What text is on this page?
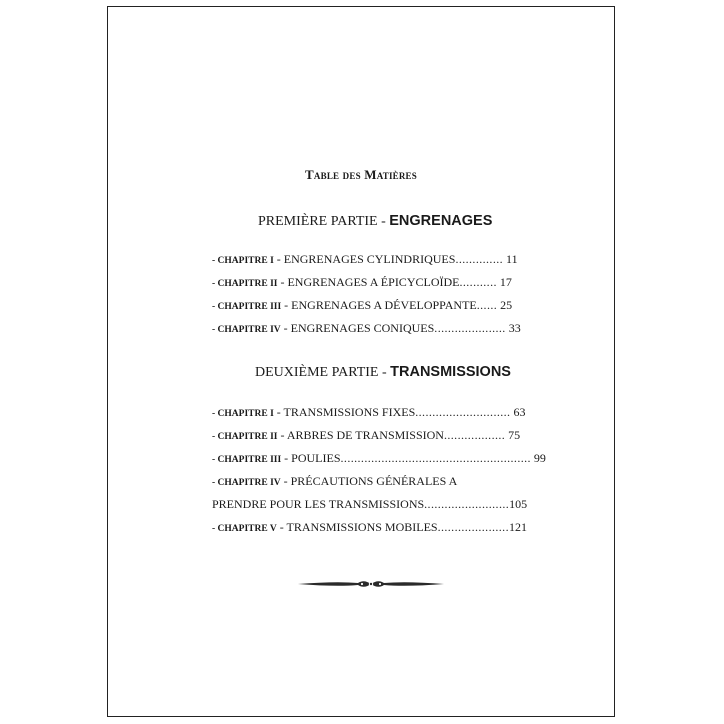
Table des Matières
PREMIÈRE PARTIE - ENGRENAGES
- CHAPITRE I - ENGRENAGES CYLINDRIQUES.............. 11
- CHAPITRE II - ENGRENAGES A ÉPICYCLOÏDE........... 17
- CHAPITRE III - ENGRENAGES A DÉVELOPPANTE...... 25
- CHAPITRE IV - ENGRENAGES CONIQUES..................... 33
DEUXIÈME PARTIE - TRANSMISSIONS
- CHAPITRE I - TRANSMISSIONS FIXES............................ 63
- CHAPITRE II - ARBRES DE TRANSMISSION.................. 75
- CHAPITRE III - POULIES........................................................ 99
- CHAPITRE IV - PRÉCAUTIONS GÉNÉRALES A
PRENDRE POUR LES TRANSMISSIONS.........................105
- CHAPITRE V - TRANSMISSIONS MOBILES.....................121
